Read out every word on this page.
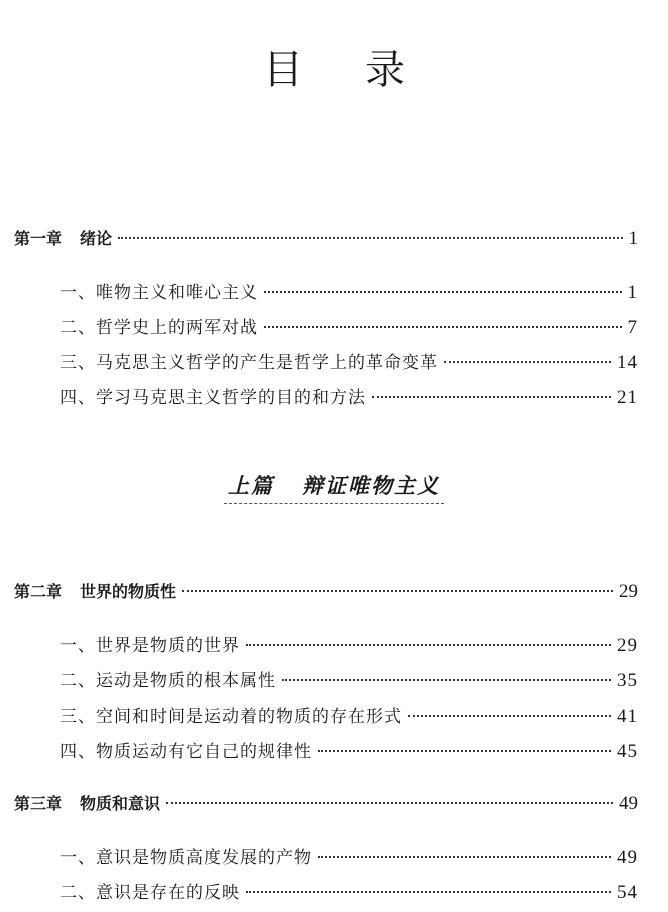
目 录
第一章 绪论	1
一、唯物主义和唯心主义	1
二、哲学史上的两军对战	7
三、马克思主义哲学的产生是哲学上的革命变革	14
四、学习马克思主义哲学的目的和方法	21
上篇 辩证唯物主义
第二章 世界的物质性	29
一、世界是物质的世界	29
二、运动是物质的根本属性	35
三、空间和时间是运动着的物质的存在形式	41
四、物质运动有它自己的规律性	45
第三章 物质和意识	49
一、意识是物质高度发展的产物	49
二、意识是存在的反映	54
